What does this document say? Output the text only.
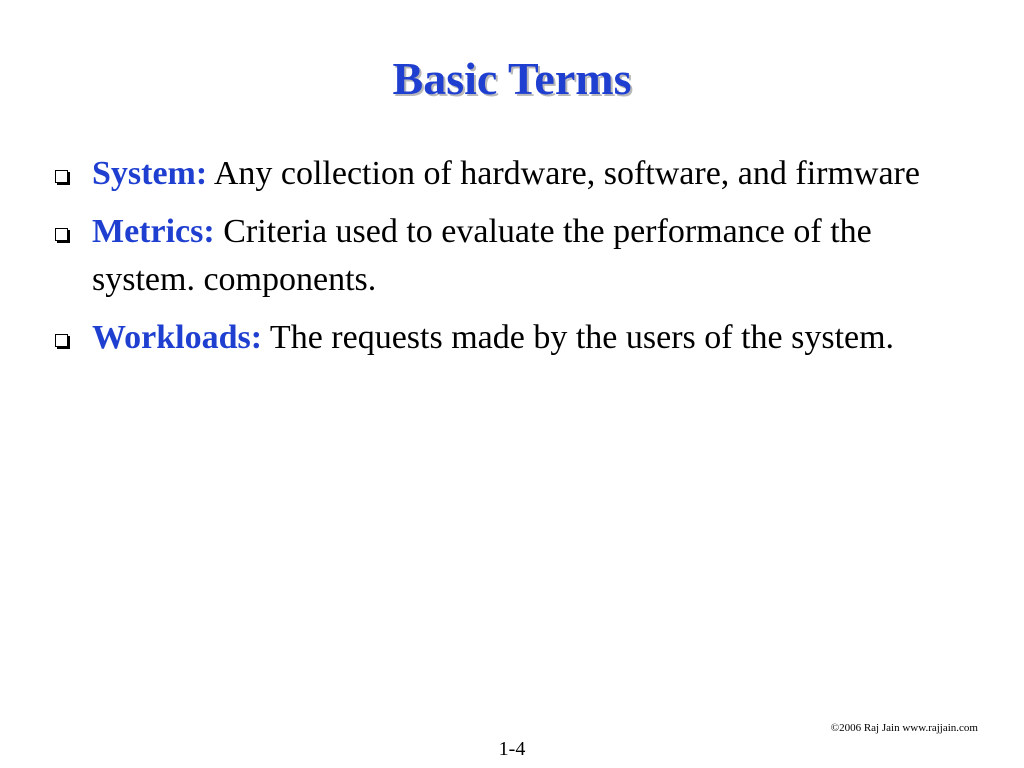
Basic Terms
System: Any collection of hardware, software, and firmware
Metrics: Criteria used to evaluate the performance of the system. components.
Workloads: The requests made by the users of the system.
©2006 Raj Jain www.rajjain.com
1-4
